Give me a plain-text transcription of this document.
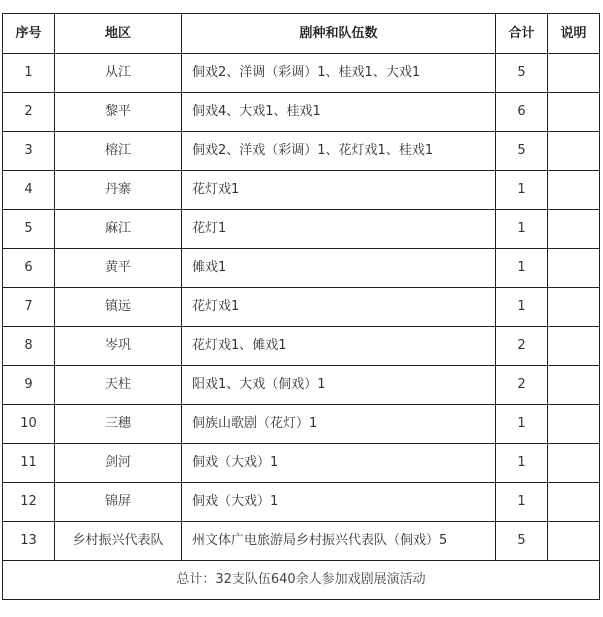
序号	地区	剧种和队伍数	合计	说明
1	从江	侗戏2、洋调（彩调）1、桂戏1、大戏1	5	
2	黎平	侗戏4、大戏1、桂戏1	6	
3	榕江	侗戏2、洋戏（彩调）1、花灯戏1、桂戏1	5	
4	丹寨	花灯戏1	1	
5	麻江	花灯1	1	
6	黄平	傩戏1	1	
7	镇远	花灯戏1	1	
8	岑巩	花灯戏1、傩戏1	2	
9	天柱	阳戏1、大戏（侗戏）1	2	
10	三穗	侗族山歌剧（花灯）1	1	
11	剑河	侗戏（大戏）1	1	
12	锦屏	侗戏（大戏）1	1	
13	乡村振兴代表队	州文体广电旅游局乡村振兴代表队（侗戏）5	5	
总计：32支队伍640余人参加戏剧展演活动				
